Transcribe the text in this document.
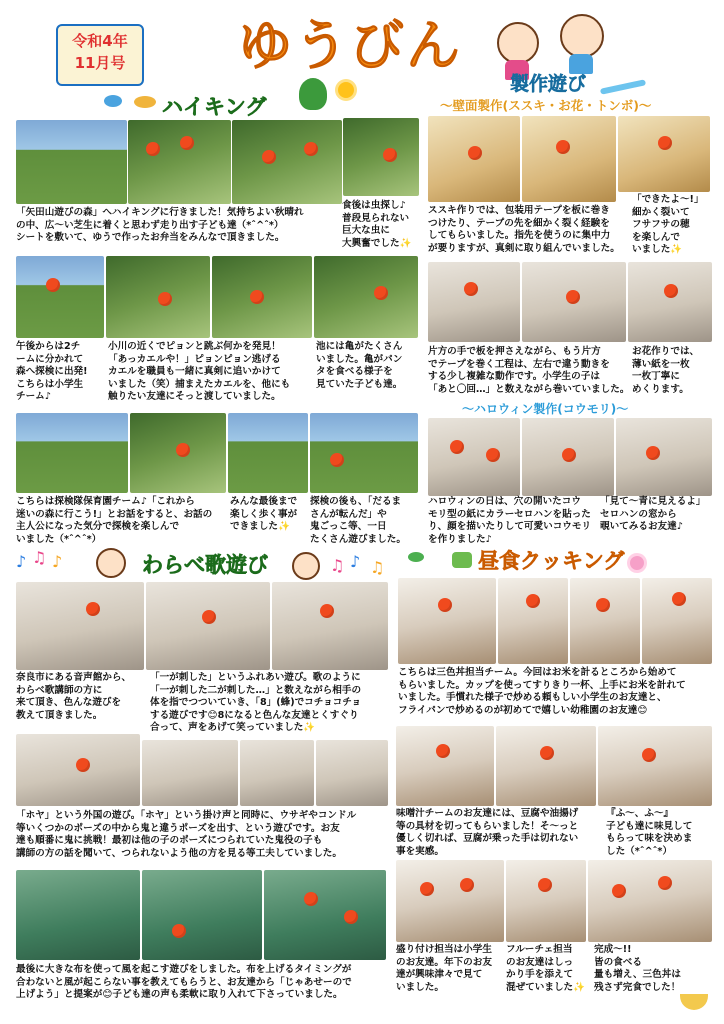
令和4年
11月号	ゆうびん
ハイキング
製作遊び
～壁面製作(ススキ・お花・トンボ)～
「矢田山遊びの森」へハイキングに行きました！気持ちよい秋晴れ
の中、広～い芝生に着くと思わず走り出す子ども達（*ˆ^ˆ*）
シートを敷いて、ゆうで作ったお弁当をみんなで頂きました。
食後は虫探し♪
普段見られない
巨大な虫に
大興奮でした✨
午後からは2チ
ームに分かれて
森へ探検に出発!
こちらは小学生
チーム♪
小川の近くでピョンと跳ぶ何かを発見！
「あっカエルや！」ピョンピョン逃げる
カエルを職員も一緒に真剣に追いかけて
いました（笑）捕まえたカエルを、他にも
触りたい友達にそっと渡していました。
池には亀がたくさん
いました。亀がパン
タを食べる様子を
見ていた子ども達。
こちらは探検隊保育園チーム♪「これから
迷いの森に行こう!」とお話をすると、お話の
主人公になった気分で探検を楽しんで
いました（*ˆ^ˆ*）
みんな最後まで
楽しく歩く事が
できました✨
探検の後も、「だるま
さんが転んだ」や
鬼ごっこ等、一日
たくさん遊びました。
ススキ作りでは、包装用テープを板に巻き
つけたり、テープの先を細かく裂く経験を
してもらいました。指先を使うのに集中力
が要りますが、真剣に取り組んでいました。
「できたよ～!」
細かく裂いて
フサフサの穂
を楽しんで
いました✨
片方の手で板を押さえながら、もう片方
でテープを巻く工程は、左右で違う動きを
する少し複雑な動作です。小学生の子は
「あと〇回…」と数えながら巻いていました。
お花作りでは、
薄い紙を一枚
一枚丁寧に
めくります。
～ハロウィン製作(コウモリ)～
ハロウィンの日は、穴の開いたコウ
モリ型の紙にカラーセロハンを貼った
り、顔を描いたりして可愛いコウモリ
を作りました♪
「見て～青に見えるよ」
セロハンの窓から
覗いてみるお友達♪
♪ ♫ ♪	わらべ歌遊び	♫ ♪ ♫
奈良市にある音声館から、
わらべ歌講師の方に
来て頂き、色んな遊びを
教えて頂きました。
「一が刺した」というふれあい遊び。歌のように
「一が刺した二が刺した…」と数えながら相手の
体を指でつついていき、「8」(蜂)でコチョコチョ
する遊びです😊8になると色んな友達とくすぐり
合って、声をあげて笑っていました✨
「ホヤ」という外国の遊び。「ホヤ」という掛け声と同時に、ウサギやコンドル
等いくつかのポーズの中から鬼と違うポーズを出す、という遊びです。お友
達も順番に鬼に挑戦！最初は他の子のポーズにつられていた鬼役の子も
講師の方の話を聞いて、つられないよう他の方を見る等工夫していました。
最後に大きな布を使って風を起こす遊びをしました。布を上げるタイミングが
合わないと風が起こらない事を教えてもらうと、お友達から「じゃあせーので
上げよう」と提案が😊子ども達の声も柔軟に取り入れて下さっていました。
昼食クッキング
こちらは三色丼担当チーム。今回はお米を計るところから始めて
もらいました。カップを使ってすりきり一杯、上手にお米を計れて
いました。手慣れた様子で炒める頼もしい小学生のお友達と、
フライパンで炒めるのが初めてで嬉しい幼稚園のお友達😊
味噌汁チームのお友達には、豆腐や油揚げ
等の具材を切ってもらいました！そ～っと
優しく切れば、豆腐が乗った手は切れない
事を実感。
『ふ～、ふ～』
子ども達に味見して
もらって味を決めま
した（*ˆ^ˆ*）
盛り付け担当は小学生
のお友達。年下のお友
達が興味津々で見て
いました。
フルーチェ担当
のお友達はしっ
かり手を添えて
混ぜていました✨
完成～!!
皆の食べる
量も増え、三色丼は
残さず完食でした！
